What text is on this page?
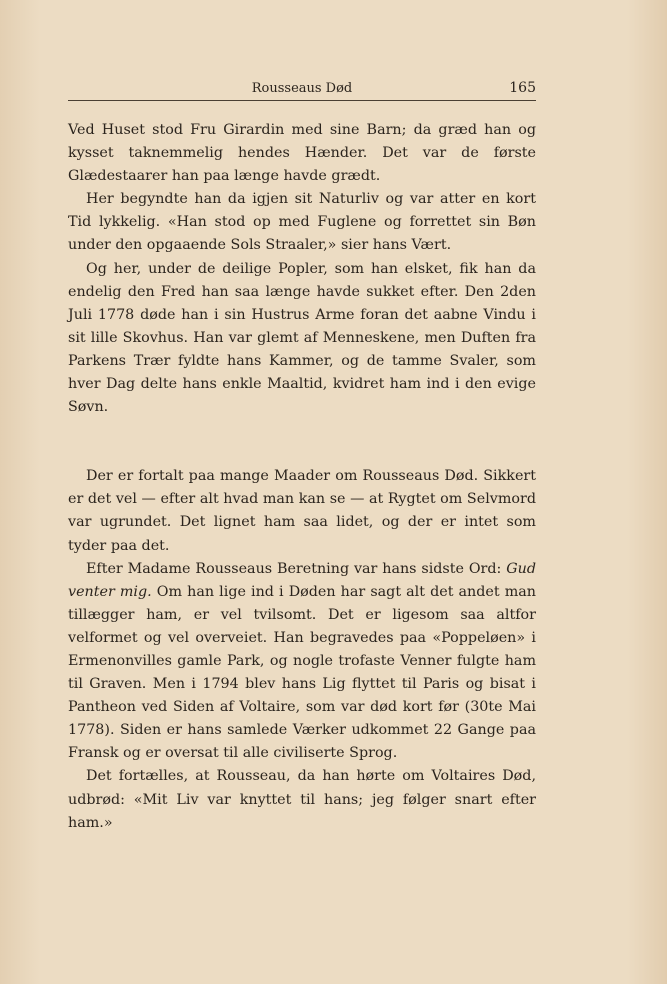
Rousseaus Død	165

Ved Huset stod Fru Girardin med sine Barn; da græd han og kysset taknemmelig hendes Hænder. Det var de første Glædestaarer han paa længe havde grædt.

Her begyndte han da igjen sit Naturliv og var atter en kort Tid lykkelig. «Han stod op med Fuglene og forrettet sin Bøn under den opgaaende Sols Straaler,» sier hans Vært.

Og her, under de deilige Popler, som han elsket, fik han da endelig den Fred han saa længe havde sukket efter. Den 2den Juli 1778 døde han i sin Hustrus Arme foran det aabne Vindu i sit lille Skovhus. Han var glemt af Menneskene, men Duften fra Parkens Trær fyldte hans Kammer, og de tamme Svaler, som hver Dag delte hans enkle Maaltid, kvidret ham ind i den evige Søvn.

Der er fortalt paa mange Maader om Rousseaus Død. Sikkert er det vel — efter alt hvad man kan se — at Rygtet om Selvmord var ugrundet. Det lignet ham saa lidet, og der er intet som tyder paa det.

Efter Madame Rousseaus Beretning var hans sidste Ord: Gud venter mig. Om han lige ind i Døden har sagt alt det andet man tillægger ham, er vel tvilsomt. Det er ligesom saa altfor velformet og vel overveiet. Han begravedes paa «Poppeløen» i Ermenonvilles gamle Park, og nogle trofaste Venner fulgte ham til Graven. Men i 1794 blev hans Lig flyttet til Paris og bisat i Pantheon ved Siden af Voltaire, som var død kort før (30te Mai 1778). Siden er hans samlede Værker udkommet 22 Gange paa Fransk og er oversat til alle civiliserte Sprog.

Det fortælles, at Rousseau, da han hørte om Voltaires Død, udbrød: «Mit Liv var knyttet til hans; jeg følger snart efter ham.»
